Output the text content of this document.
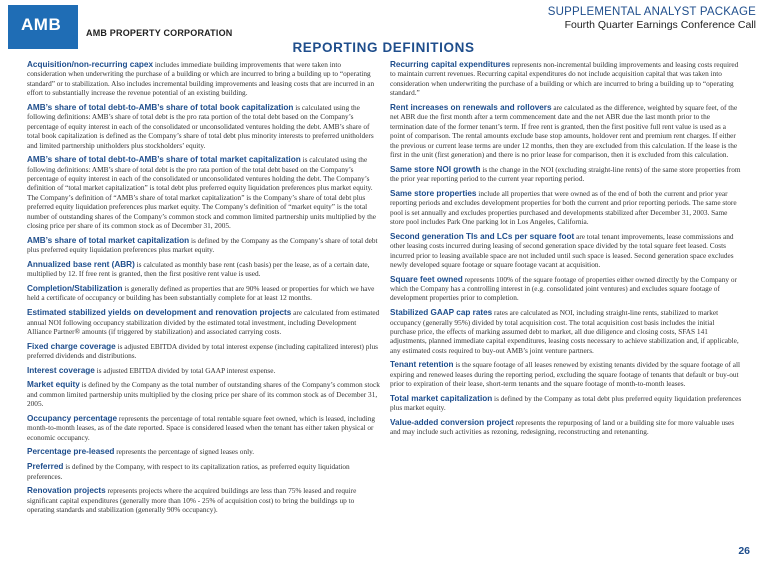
AMB
®
AMB PROPERTY CORPORATION
SUPPLEMENTAL ANALYST PACKAGE
Fourth Quarter Earnings Conference Call
REPORTING DEFINITIONS

Acquisition/non-recurring capex includes immediate building improvements that were taken into consideration when underwriting the purchase of a building or which are incurred to bring a building up to “operating standard” or to stabilization. Also includes incremental building improvements and leasing costs that are incurred in an effort to substantially increase the revenue potential of an existing building.

AMB’s share of total debt-to-AMB’s share of total book capitalization is calculated using the following definitions: AMB’s share of total debt is the pro rata portion of the total debt based on the Company’s percentage of equity interest in each of the consolidated or unconsolidated ventures holding the debt. AMB’s share of total book capitalization is defined as the Company’s share of total debt plus minority interests to preferred unitholders and limited partnership unitholders plus stockholders’ equity.

AMB’s share of total debt-to-AMB’s share of total market capitalization is calculated using the following definitions: AMB’s share of total debt is the pro rata portion of the total debt based on the Company’s percentage of equity interest in each of the consolidated or unconsolidated ventures holding the debt. The Company’s definition of “total market capitalization” is total debt plus preferred equity liquidation preferences plus market equity. The Company’s definition of “AMB’s share of total market capitalization” is the Company’s share of total debt plus preferred equity liquidation preferences plus market equity. The Company’s definition of “market equity” is the total number of outstanding shares of the Company’s common stock and common limited partnership units multiplied by the closing price per share of its common stock as of December 31, 2005.

AMB’s share of total market capitalization is defined by the Company as the Company’s share of total debt plus preferred equity liquidation preferences plus market equity.

Annualized base rent (ABR) is calculated as monthly base rent (cash basis) per the lease, as of a certain date, multiplied by 12. If free rent is granted, then the first positive rent value is used.

Completion/Stabilization is generally defined as properties that are 90% leased or properties for which we have held a certificate of occupancy or building has been substantially complete for at least 12 months.

Estimated stabilized yields on development and renovation projects are calculated from estimated annual NOI following occupancy stabilization divided by the estimated total investment, including Development Alliance Partner® amounts (if triggered by stabilization) and associated carrying costs.

Fixed charge coverage is adjusted EBITDA divided by total interest expense (including capitalized interest) plus preferred dividends and distributions.

Interest coverage is adjusted EBITDA divided by total GAAP interest expense.

Market equity is defined by the Company as the total number of outstanding shares of the Company’s common stock and common limited partnership units multiplied by the closing price per share of its common stock as of December 31, 2005.

Occupancy percentage represents the percentage of total rentable square feet owned, which is leased, including month-to-month leases, as of the date reported. Space is considered leased when the tenant has either taken physical or economic occupancy.

Percentage pre-leased represents the percentage of signed leases only.

Preferred is defined by the Company, with respect to its capitalization ratios, as preferred equity liquidation preferences.

Renovation projects represents projects where the acquired buildings are less than 75% leased and require significant capital expenditures (generally more than 10% - 25% of acquisition cost) to bring the buildings up to operating standards and stabilization (generally 90% occupancy).

Recurring capital expenditures represents non-incremental building improvements and leasing costs required to maintain current revenues. Recurring capital expenditures do not include acquisition capital that was taken into consideration when underwriting the purchase of a building or which are incurred to bring a building up to “operating standard.”

Rent increases on renewals and rollovers are calculated as the difference, weighted by square feet, of the net ABR due the first month after a term commencement date and the net ABR due the last month prior to the termination date of the former tenant’s term. If free rent is granted, then the first positive full rent value is used as a point of comparison. The rental amounts exclude base stop amounts, holdover rent and premium rent charges. If either the previous or current lease terms are under 12 months, then they are excluded from this calculation. If the lease is the first in the unit (first generation) and there is no prior lease for comparison, then it is excluded from this calculation.

Same store NOI growth is the change in the NOI (excluding straight-line rents) of the same store properties from the prior year reporting period to the current year reporting period.

Same store properties include all properties that were owned as of the end of both the current and prior year reporting periods and excludes development properties for both the current and prior reporting periods. The same store pool is set annually and excludes properties purchased and developments stabilized after December 31, 2003. Same store pool includes Park One parking lot in Los Angeles, California.

Second generation TIs and LCs per square foot are total tenant improvements, lease commissions and other leasing costs incurred during leasing of second generation space divided by the total square feet leased. Costs incurred prior to leasing available space are not included until such space is leased. Second generation space excludes newly developed square footage or square footage vacant at acquisition.

Square feet owned represents 100% of the square footage of properties either owned directly by the Company or which the Company has a controlling interest in (e.g. consolidated joint ventures) and excludes square footage of development properties prior to completion.

Stabilized GAAP cap rates rates are calculated as NOI, including straight-line rents, stabilized to market occupancy (generally 95%) divided by total acquisition cost. The total acquisition cost basis includes the initial purchase price, the effects of marking assumed debt to market, all due diligence and closing costs, SFAS 141 adjustments, planned immediate capital expenditures, leasing costs necessary to achieve stabilization and, if applicable, any estimated costs required to buy-out AMB’s joint venture partners.

Tenant retention is the square footage of all leases renewed by existing tenants divided by the square footage of all expiring and renewed leases during the reporting period, excluding the square footage of tenants that default or buy-out prior to expiration of their lease, short-term tenants and the square footage of month-to-month leases.

Total market capitalization is defined by the Company as total debt plus preferred equity liquidation preferences plus market equity.

Value-added conversion project represents the repurposing of land or a building site for more valuable uses and may include such activities as rezoning, redesigning, reconstructing and retenanting.

26
